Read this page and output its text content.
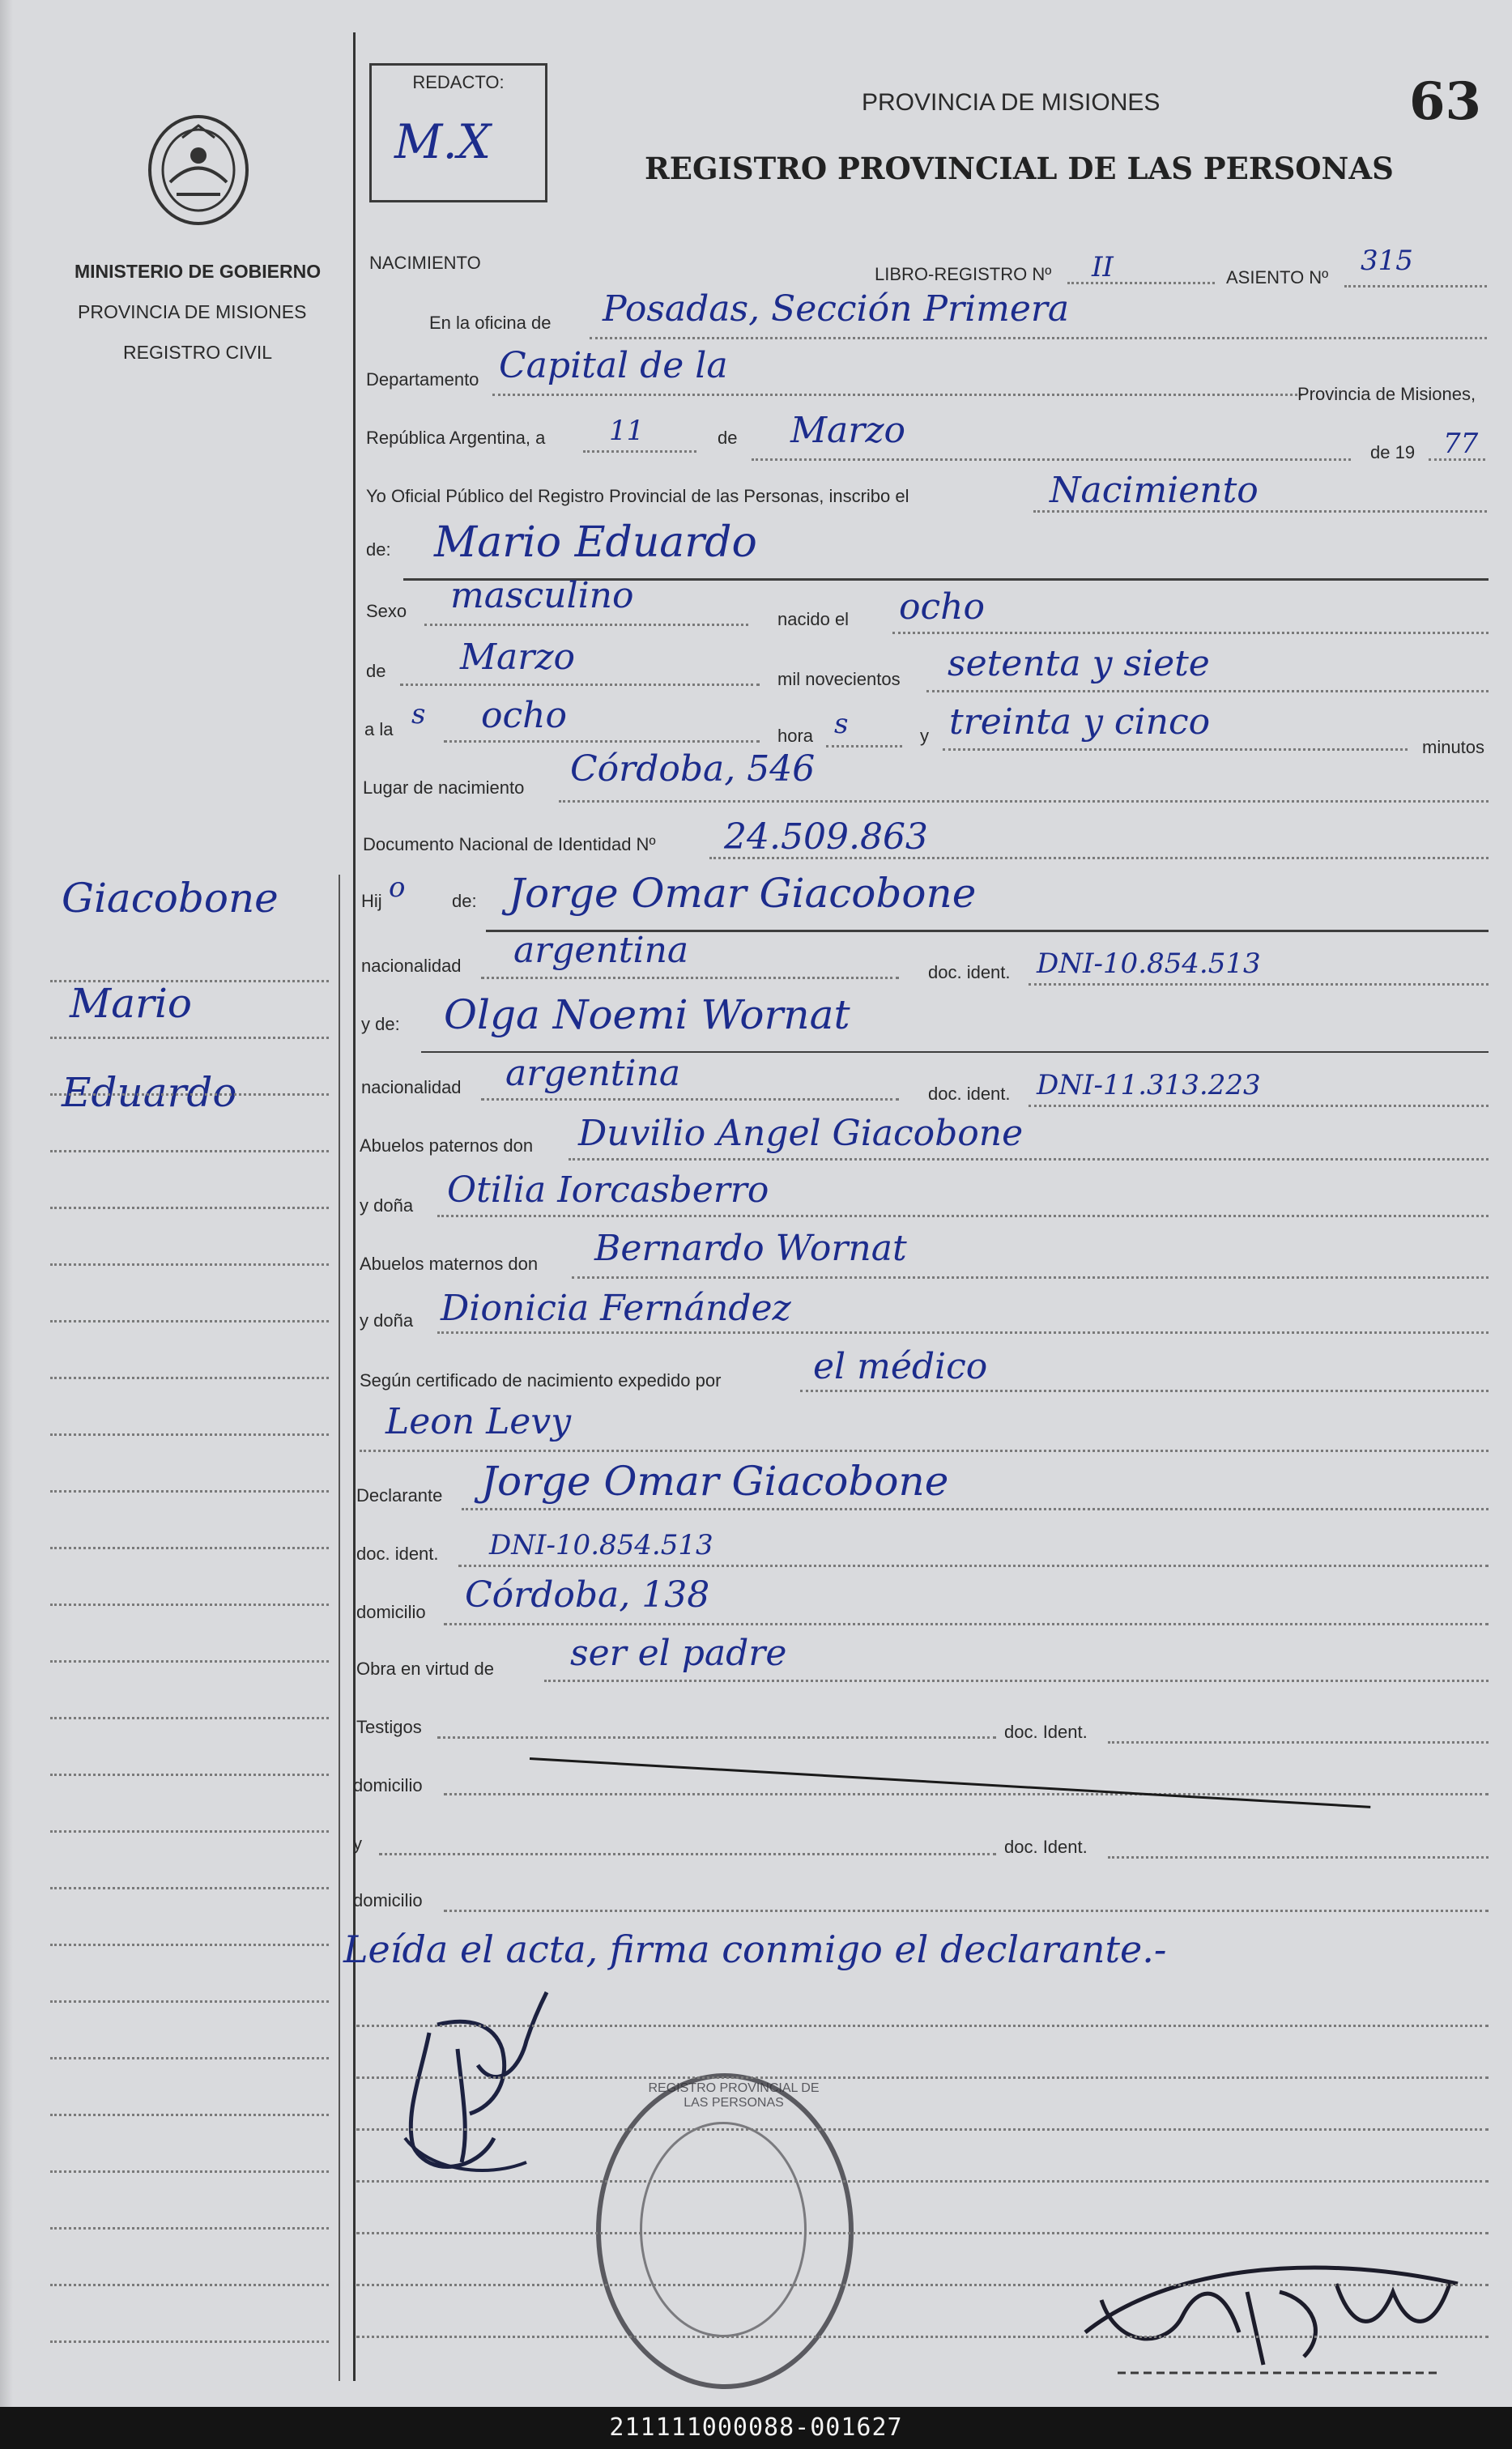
MINISTERIO DE GOBIERNO
PROVINCIA DE MISIONES
REGISTRO CIVIL
REDACTO:
M.X
PROVINCIA DE MISIONES	63
REGISTRO PROVINCIAL DE LAS PERSONAS
Giacobone
Mario
Eduardo
NACIMIENTO
LIBRO-REGISTRO Nº II	ASIENTO Nº
315
En la oficina de Posadas, Sección Primera
Departamento Capital de la
Provincia de Misiones,
República Argentina, a 11	de Marzo
de 19 77
Yo Oficial Público del Registro Provincial de las Personas, inscribo el	Nacimiento
de: Mario Eduardo
Sexo masculino
nacido el ocho
de Marzo
mil novecientos setenta y siete
a la s ocho	hora s	y treinta y cinco
minutos
Lugar de nacimiento Córdoba, 546
Documento Nacional de Identidad Nº 24.509.863
Hij o	de: Jorge Omar Giacobone
nacionalidad argentina
doc. ident. DNI-10.854.513
y de: Olga Noemi Wornat
nacionalidad argentina	doc. ident. DNI-11.313.223
Abuelos paternos don Duvilio Angel Giacobone
y doña Otilia Iorcasberro
Abuelos maternos don Bernardo Wornat
y doña Dionicia Fernández
Según certificado de nacimiento expedido por	el médico
Leon Levy
Declarante Jorge Omar Giacobone
doc. ident. DNI-10.854.513
domicilio Córdoba, 138
Obra en virtud de ser el padre
Testigos	doc. Ident.
domicilio
y	doc. Ident.
domicilio
Leída el acta, firma conmigo el declarante.-
REGISTRO PROVINCIAL DE LAS PERSONAS
211111000088-001627
